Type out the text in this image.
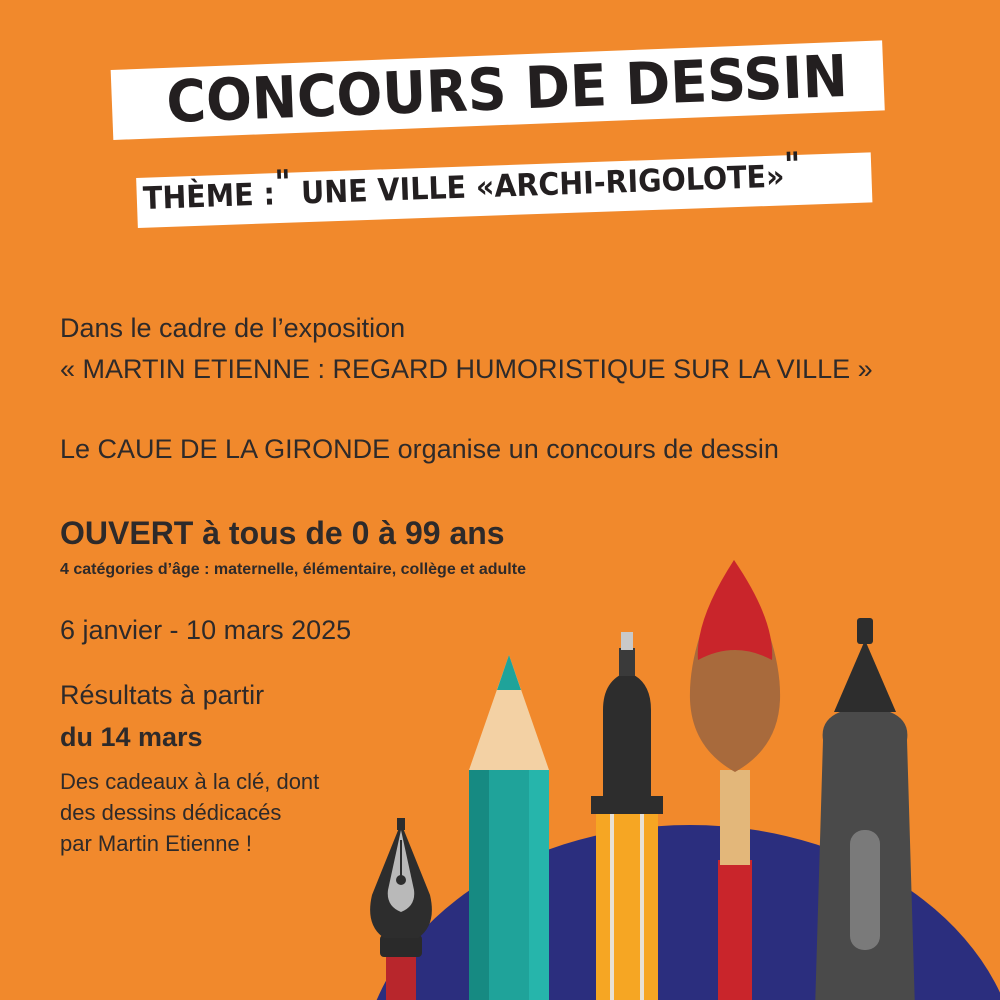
CONCOURS DE DESSIN
THÈME :" UNE VILLE «ARCHI-RIGOLOTE»"
Dans le cadre de l’exposition
« MARTIN ETIENNE : REGARD HUMORISTIQUE SUR LA VILLE »
Le CAUE DE LA GIRONDE organise un concours de dessin
OUVERT à tous de 0 à 99 ans
4 catégories d’âge : maternelle, élémentaire, collège et adulte
6 janvier - 10 mars 2025
Résultats à partir
du 14 mars
Des cadeaux à la clé, dont
des dessins dédicacés
par Martin Etienne !
